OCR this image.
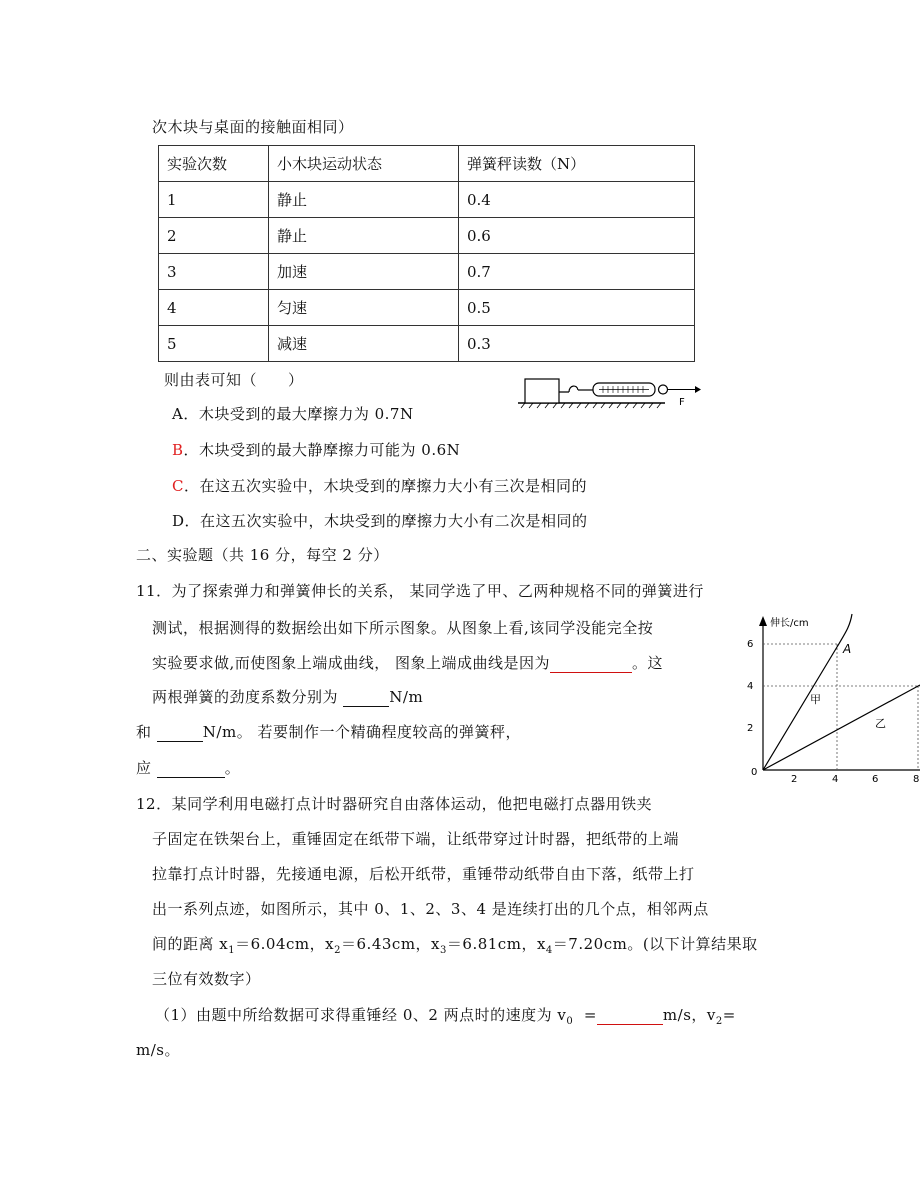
次木块与桌面的接触面相同）
实验次数	小木块运动状态	弹簧秤读数（N）
1	静止	0.4
2	静止	0.6
3	加速	0.7
4	匀速	0.5
5	减速	0.3
则由表可知（　　）
F
A．木块受到的最大摩擦力为 0.7N
B．木块受到的最大静摩擦力可能为 0.6N
C．在这五次实验中，木块受到的摩擦力大小有三次是相同的
D．在这五次实验中，木块受到的摩擦力大小有二次是相同的
二、实验题（共 16 分，每空 2 分）
11．为了探索弹力和弹簧伸长的关系， 某同学选了甲、乙两种规格不同的弹簧进行
测试，根据测得的数据绘出如下所示图象。从图象上看,该同学没能完全按
实验要求做,而使图象上端成曲线， 图象上端成曲线是因为	。这
两根弹簧的劲度系数分别为	N/m
和	N/m。 若要制作一个精确程度较高的弹簧秤，
应	。
伸长/cm
6
4
2
0
2	4	6	8
A
甲
乙
12．某同学利用电磁打点计时器研究自由落体运动，他把电磁打点器用铁夹
子固定在铁架台上，重锤固定在纸带下端，让纸带穿过计时器，把纸带的上端
拉靠打点计时器，先接通电源，后松开纸带，重锤带动纸带自由下落，纸带上打
出一系列点迹，如图所示，其中 0、1、2、3、4 是连续打出的几个点，相邻两点
间的距离 $x_1=6.04cm$，$x_2=6.43cm$，$x_3=6.81cm$，$x_4=7.20cm$。(以下计算结果取
三位有效数字）
（1）由题中所给数据可求得重锤经 0、2 两点时的速度为 $v_0$ =	m/s，$v_2=$
m/s。
